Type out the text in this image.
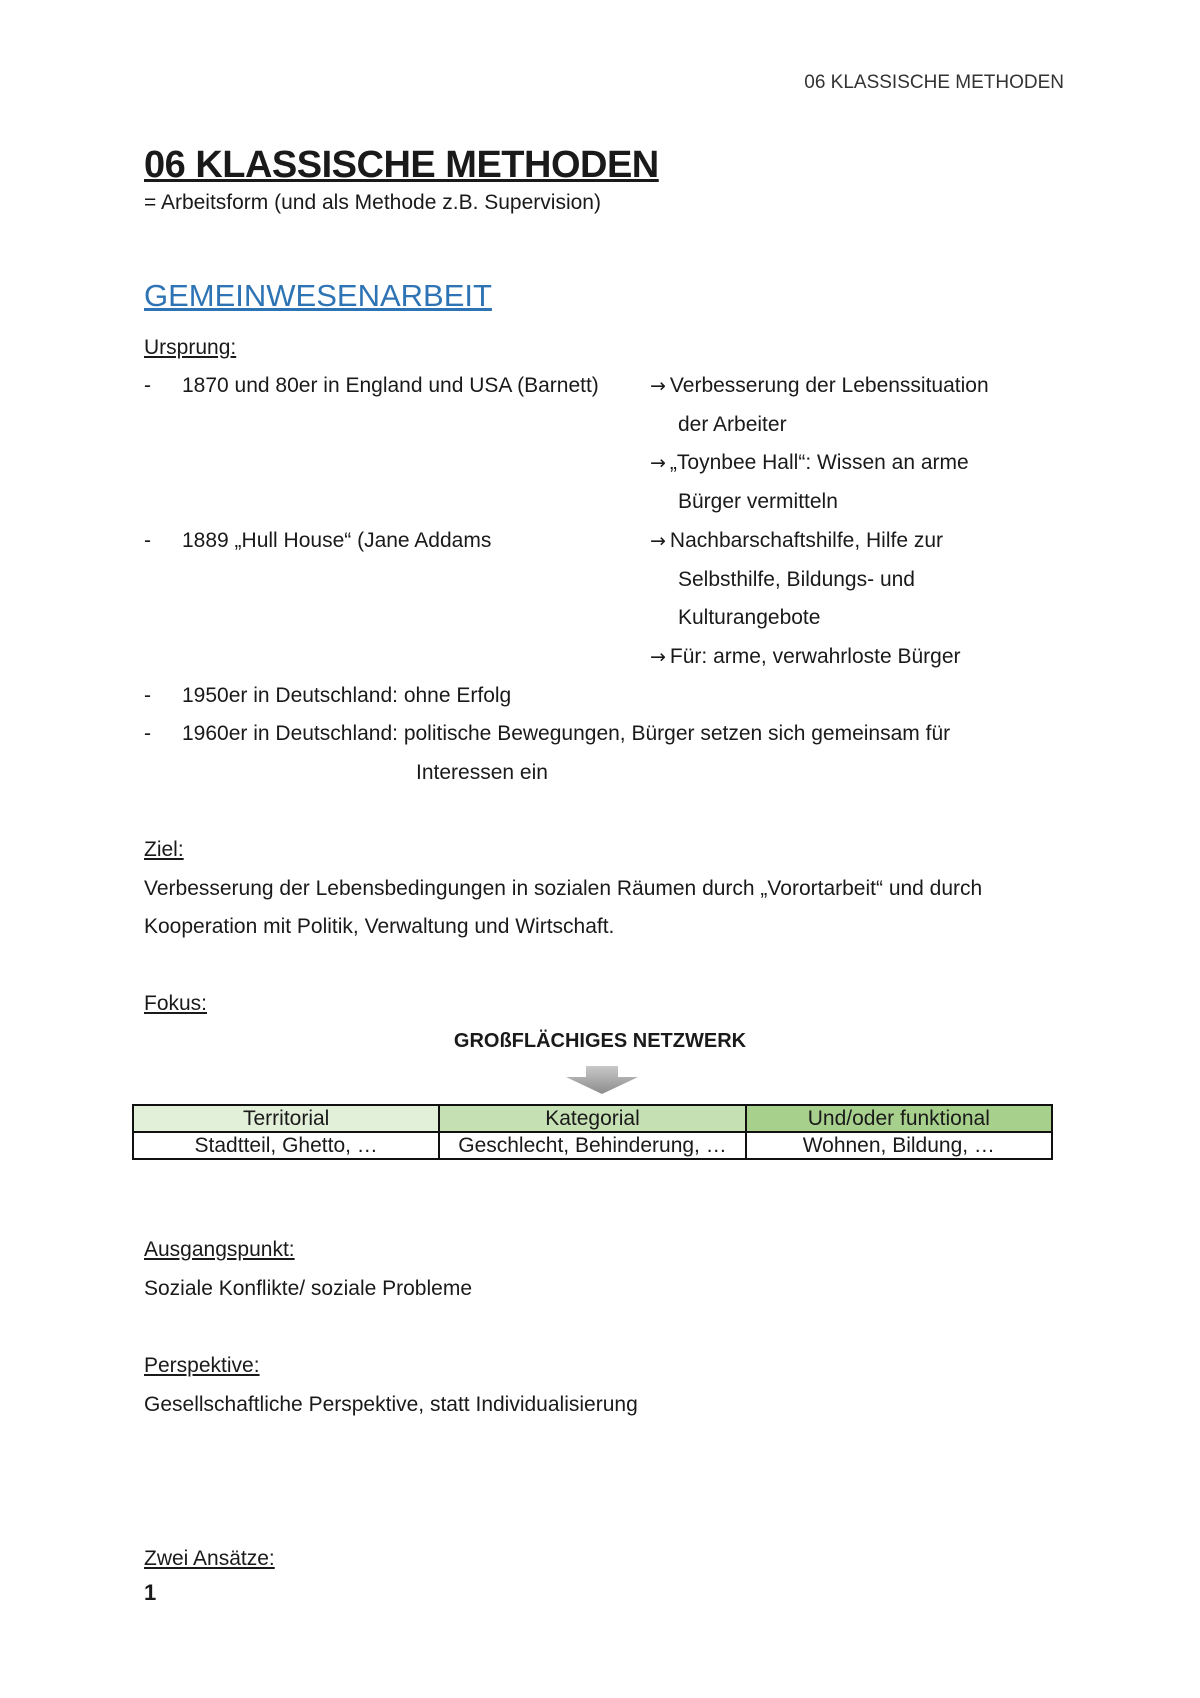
06 KLASSISCHE METHODEN
06 KLASSISCHE METHODEN
= Arbeitsform (und als Methode z.B. Supervision)
GEMEINWESENARBEIT
Ursprung:
- 1870 und 80er in England und USA (Barnett)	→ Verbesserung der Lebenssituation
der Arbeiter
→ „Toynbee Hall“: Wissen an arme
Bürger vermitteln
- 1889 „Hull House“ (Jane Addams	→ Nachbarschaftshilfe, Hilfe zur
Selbsthilfe, Bildungs- und
Kulturangebote
→ Für: arme, verwahrloste Bürger
- 1950er in Deutschland: ohne Erfolg
- 1960er in Deutschland: politische Bewegungen, Bürger setzen sich gemeinsam für
Interessen ein
Ziel:
Verbesserung der Lebensbedingungen in sozialen Räumen durch „Vorortarbeit“ und durch
Kooperation mit Politik, Verwaltung und Wirtschaft.
Fokus:
GROßFLÄCHIGES NETZWERK
Territorial	Kategorial	Und/oder funktional
Stadtteil, Ghetto, …	Geschlecht, Behinderung, …	Wohnen, Bildung, …
Ausgangspunkt:
Soziale Konflikte/ soziale Probleme
Perspektive:
Gesellschaftliche Perspektive, statt Individualisierung
Zwei Ansätze:
1
